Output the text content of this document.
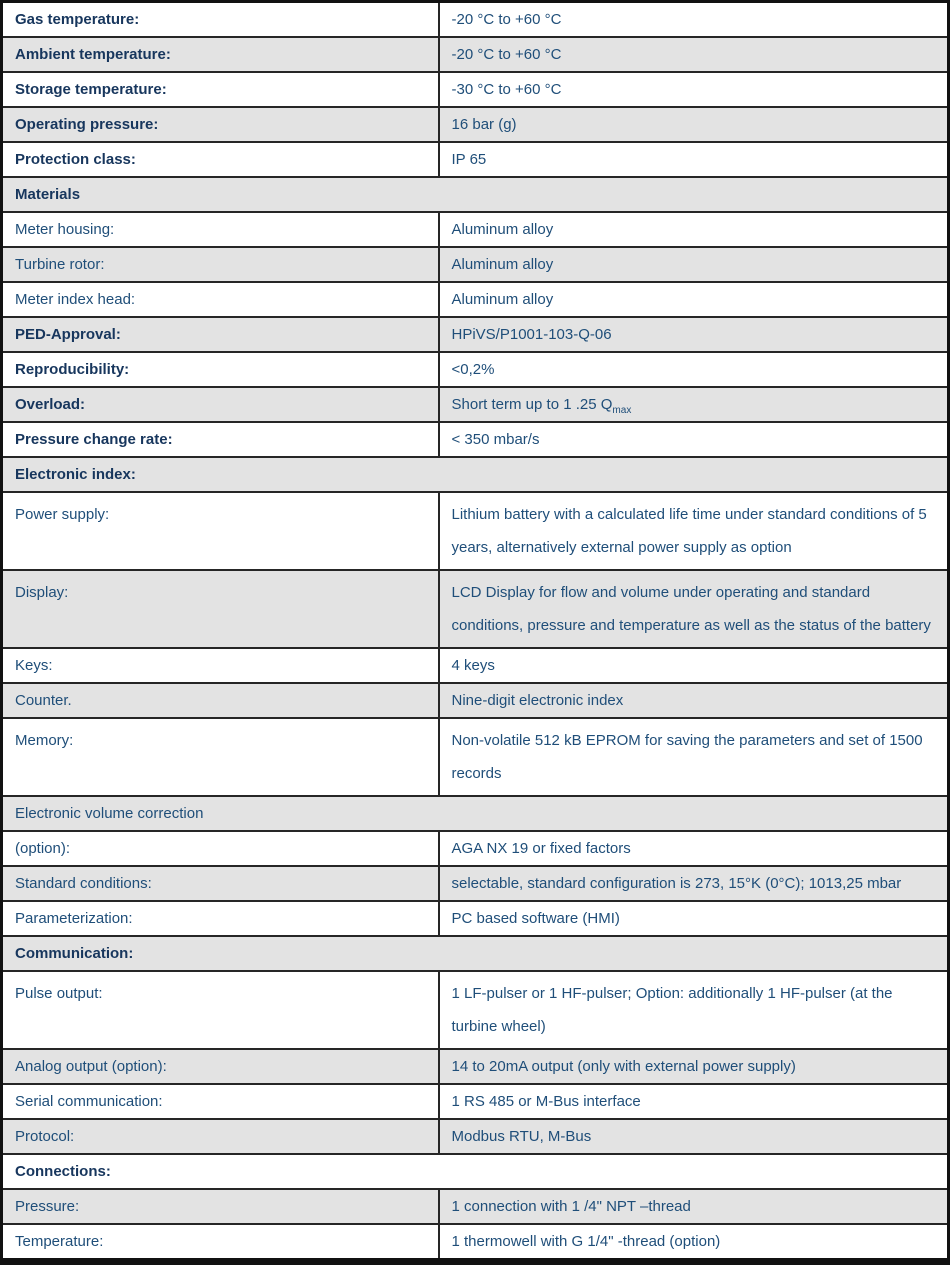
Gas temperature:	-20 °C to +60 °C
Ambient temperature:	-20 °C to +60 °C
Storage temperature:	-30 °C to +60 °C
Operating pressure:	16 bar (g)
Protection class:	IP 65
Materials	
Meter housing:	Aluminum alloy
Turbine rotor:	Aluminum alloy
Meter index head:	Aluminum alloy
PED-Approval:	HPiVS/P1001-103-Q-06
Reproducibility:	<0,2%
Overload:	Short term up to 1 .25 $Q_{max}$
Pressure change rate:	< 350 mbar/s
Electronic index:	
Power supply:	Lithium battery with a calculated life time under standard conditions of 5 years, alternatively external power supply as option
Display:	LCD Display for flow and volume under operating and standard conditions, pressure and temperature as well as the status of the battery
Keys:	4 keys
Counter.	Nine-digit electronic index
Memory:	Non-volatile 512 kB EPROM for saving the parameters and set of 1500 records
Electronic volume correction	
(option):	AGA NX 19 or fixed factors
Standard conditions:	selectable, standard configuration is 273, 15°K (0°C); 1013,25 mbar
Parameterization:	PC based software (HMI)
Communication:	
Pulse output:	1 LF-pulser or 1 HF-pulser; Option: additionally 1 HF-pulser (at the turbine wheel)
Analog output (option):	14 to 20mA output (only with external power supply)
Serial communication:	1 RS 485 or M-Bus interface
Protocol:	Modbus RTU, M-Bus
Connections:	
Pressure:	1 connection with 1 /4" NPT –thread
Temperature:	1 thermowell with G 1/4" -thread (option)
